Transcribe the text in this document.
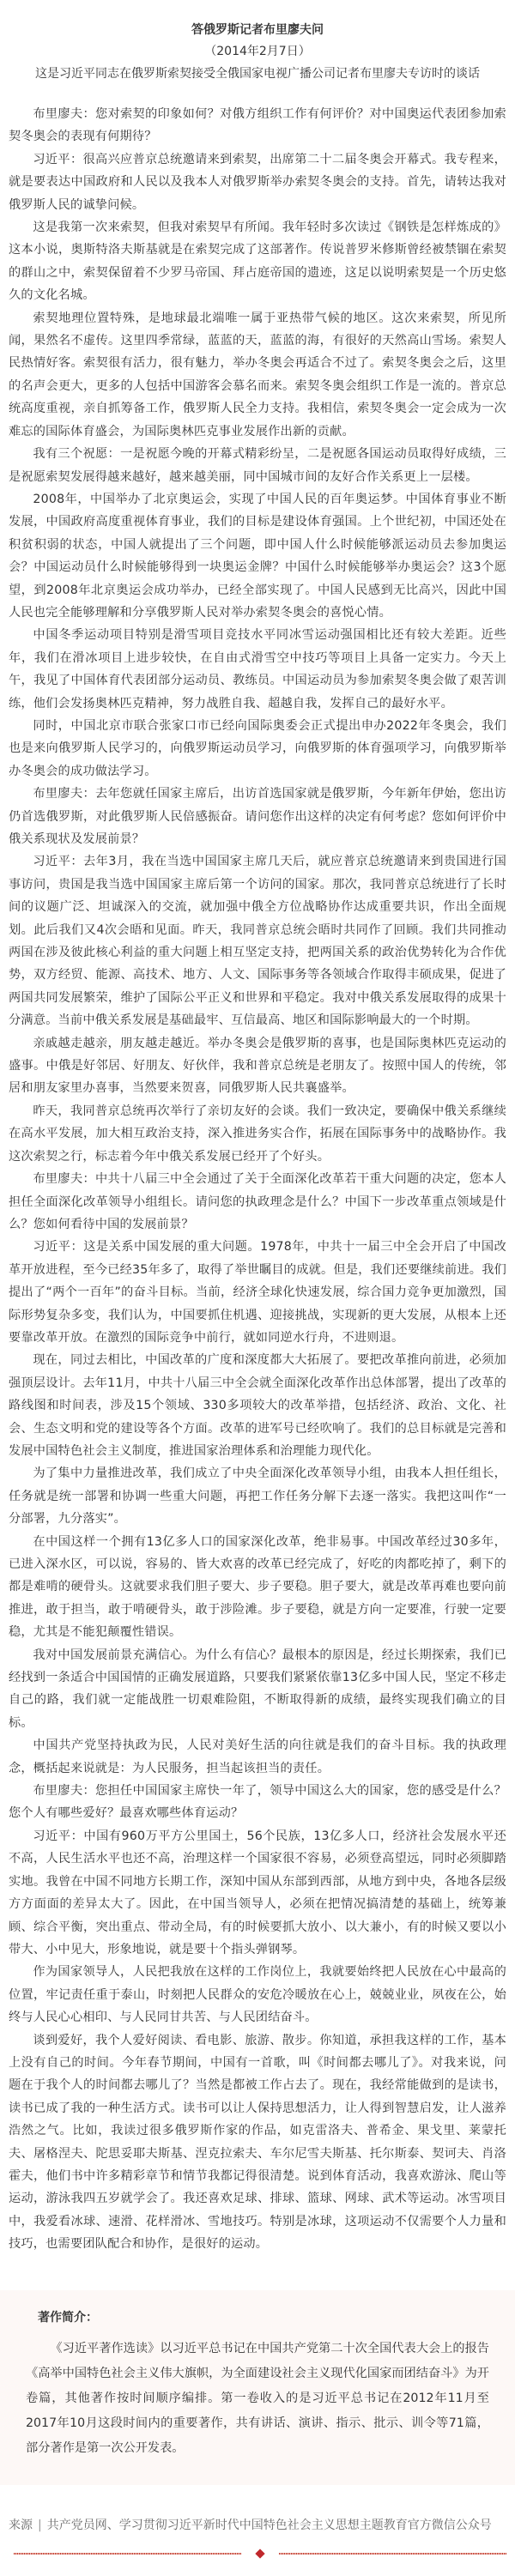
答俄罗斯记者布里廖夫问
（2014年2月7日）
这是习近平同志在俄罗斯索契接受全俄国家电视广播公司记者布里廖夫专访时的谈话

布里廖夫：您对索契的印象如何？对俄方组织工作有何评价？对中国奥运代表团参加索契冬奥会的表现有何期待？

习近平：很高兴应普京总统邀请来到索契，出席第二十二届冬奥会开幕式。我专程来，就是要表达中国政府和人民以及我本人对俄罗斯举办索契冬奥会的支持。首先，请转达我对俄罗斯人民的诚挚问候。

这是我第一次来索契，但我对索契早有所闻。我年轻时多次读过《钢铁是怎样炼成的》这本小说，奥斯特洛夫斯基就是在索契完成了这部著作。传说普罗米修斯曾经被禁锢在索契的群山之中，索契保留着不少罗马帝国、拜占庭帝国的遗迹，这足以说明索契是一个历史悠久的文化名城。

索契地理位置特殊，是地球最北端唯一属于亚热带气候的地区。这次来索契，所见所闻，果然名不虚传。这里四季常绿，蓝蓝的天，蓝蓝的海，有很好的天然高山雪场。索契人民热情好客。索契很有活力，很有魅力，举办冬奥会再适合不过了。索契冬奥会之后，这里的名声会更大，更多的人包括中国游客会慕名而来。索契冬奥会组织工作是一流的。普京总统高度重视，亲自抓筹备工作，俄罗斯人民全力支持。我相信，索契冬奥会一定会成为一次难忘的国际体育盛会，为国际奥林匹克事业发展作出新的贡献。

我有三个祝愿：一是祝愿今晚的开幕式精彩纷呈，二是祝愿各国运动员取得好成绩，三是祝愿索契发展得越来越好，越来越美丽，同中国城市间的友好合作关系更上一层楼。

2008年，中国举办了北京奥运会，实现了中国人民的百年奥运梦。中国体育事业不断发展，中国政府高度重视体育事业，我们的目标是建设体育强国。上个世纪初，中国还处在积贫积弱的状态，中国人就提出了三个问题，即中国人什么时候能够派运动员去参加奥运会？中国运动员什么时候能够得到一块奥运金牌？中国什么时候能够举办奥运会？这3个愿望，到2008年北京奥运会成功举办，已经全部实现了。中国人民感到无比高兴，因此中国人民也完全能够理解和分享俄罗斯人民对举办索契冬奥会的喜悦心情。

中国冬季运动项目特别是滑雪项目竞技水平同冰雪运动强国相比还有较大差距。近些年，我们在滑冰项目上进步较快，在自由式滑雪空中技巧等项目上具备一定实力。今天上午，我见了中国体育代表团部分运动员、教练员。中国运动员为参加索契冬奥会做了艰苦训练，他们会发扬奥林匹克精神，努力战胜自我、超越自我，发挥自己的最好水平。

同时，中国北京市联合张家口市已经向国际奥委会正式提出申办2022年冬奥会，我们也是来向俄罗斯人民学习的，向俄罗斯运动员学习，向俄罗斯的体育强项学习，向俄罗斯举办冬奥会的成功做法学习。

布里廖夫：去年您就任国家主席后，出访首选国家就是俄罗斯，今年新年伊始，您出访仍首选俄罗斯，对此俄罗斯人民倍感振奋。请问您作出这样的决定有何考虑？您如何评价中俄关系现状及发展前景？

习近平：去年3月，我在当选中国国家主席几天后，就应普京总统邀请来到贵国进行国事访问，贵国是我当选中国国家主席后第一个访问的国家。那次，我同普京总统进行了长时间的议题广泛、坦诚深入的交流，就加强中俄全方位战略协作达成重要共识，作出全面规划。此后我们又4次会晤和见面。昨天，我同普京总统会晤时共同作了回顾。我们共同推动两国在涉及彼此核心利益的重大问题上相互坚定支持，把两国关系的政治优势转化为合作优势，双方经贸、能源、高技术、地方、人文、国际事务等各领域合作取得丰硕成果，促进了两国共同发展繁荣，维护了国际公平正义和世界和平稳定。我对中俄关系发展取得的成果十分满意。当前中俄关系发展是基础最牢、互信最高、地区和国际影响最大的一个时期。

亲戚越走越亲，朋友越走越近。举办冬奥会是俄罗斯的喜事，也是国际奥林匹克运动的盛事。中俄是好邻居、好朋友、好伙伴，我和普京总统是老朋友了。按照中国人的传统，邻居和朋友家里办喜事，当然要来贺喜，同俄罗斯人民共襄盛举。

昨天，我同普京总统再次举行了亲切友好的会谈。我们一致决定，要确保中俄关系继续在高水平发展，加大相互政治支持，深入推进务实合作，拓展在国际事务中的战略协作。我这次索契之行，标志着今年中俄关系发展已经开了个好头。

布里廖夫：中共十八届三中全会通过了关于全面深化改革若干重大问题的决定，您本人担任全面深化改革领导小组组长。请问您的执政理念是什么？中国下一步改革重点领域是什么？您如何看待中国的发展前景？

习近平：这是关系中国发展的重大问题。1978年，中共十一届三中全会开启了中国改革开放进程，至今已经35年多了，取得了举世瞩目的成就。但是，我们还要继续前进。我们提出了“两个一百年”的奋斗目标。当前，经济全球化快速发展，综合国力竞争更加激烈，国际形势复杂多变，我们认为，中国要抓住机遇、迎接挑战，实现新的更大发展，从根本上还要靠改革开放。在激烈的国际竞争中前行，就如同逆水行舟，不进则退。

现在，同过去相比，中国改革的广度和深度都大大拓展了。要把改革推向前进，必须加强顶层设计。去年11月，中共十八届三中全会就全面深化改革作出总体部署，提出了改革的路线图和时间表，涉及15个领域、330多项较大的改革举措，包括经济、政治、文化、社会、生态文明和党的建设等各个方面。改革的进军号已经吹响了。我们的总目标就是完善和发展中国特色社会主义制度，推进国家治理体系和治理能力现代化。

为了集中力量推进改革，我们成立了中央全面深化改革领导小组，由我本人担任组长，任务就是统一部署和协调一些重大问题，再把工作任务分解下去逐一落实。我把这叫作“一分部署，九分落实”。

在中国这样一个拥有13亿多人口的国家深化改革，绝非易事。中国改革经过30多年，已进入深水区，可以说，容易的、皆大欢喜的改革已经完成了，好吃的肉都吃掉了，剩下的都是难啃的硬骨头。这就要求我们胆子要大、步子要稳。胆子要大，就是改革再难也要向前推进，敢于担当，敢于啃硬骨头，敢于涉险滩。步子要稳，就是方向一定要准，行驶一定要稳，尤其是不能犯颠覆性错误。

我对中国发展前景充满信心。为什么有信心？最根本的原因是，经过长期探索，我们已经找到一条适合中国国情的正确发展道路，只要我们紧紧依靠13亿多中国人民，坚定不移走自己的路，我们就一定能战胜一切艰难险阻，不断取得新的成绩，最终实现我们确立的目标。

中国共产党坚持执政为民，人民对美好生活的向往就是我们的奋斗目标。我的执政理念，概括起来说就是：为人民服务，担当起该担当的责任。

布里廖夫：您担任中国国家主席快一年了，领导中国这么大的国家，您的感受是什么？您个人有哪些爱好？最喜欢哪些体育运动？

习近平：中国有960万平方公里国土，56个民族，13亿多人口，经济社会发展水平还不高，人民生活水平也还不高，治理这样一个国家很不容易，必须登高望远，同时必须脚踏实地。我曾在中国不同地方长期工作，深知中国从东部到西部，从地方到中央，各地各层级方方面面的差异太大了。因此，在中国当领导人，必须在把情况搞清楚的基础上，统筹兼顾、综合平衡，突出重点、带动全局，有的时候要抓大放小、以大兼小，有的时候又要以小带大、小中见大，形象地说，就是要十个指头弹钢琴。

作为国家领导人，人民把我放在这样的工作岗位上，我就要始终把人民放在心中最高的位置，牢记责任重于泰山，时刻把人民群众的安危冷暖放在心上，兢兢业业，夙夜在公，始终与人民心心相印、与人民同甘共苦、与人民团结奋斗。

谈到爱好，我个人爱好阅读、看电影、旅游、散步。你知道，承担我这样的工作，基本上没有自己的时间。今年春节期间，中国有一首歌，叫《时间都去哪儿了》。对我来说，问题在于我个人的时间都去哪儿了？当然是都被工作占去了。现在，我经常能做到的是读书，读书已成了我的一种生活方式。读书可以让人保持思想活力，让人得到智慧启发，让人滋养浩然之气。比如，我读过很多俄罗斯作家的作品，如克雷洛夫、普希金、果戈里、莱蒙托夫、屠格涅夫、陀思妥耶夫斯基、涅克拉索夫、车尔尼雪夫斯基、托尔斯泰、契诃夫、肖洛霍夫，他们书中许多精彩章节和情节我都记得很清楚。说到体育活动，我喜欢游泳、爬山等运动，游泳我四五岁就学会了。我还喜欢足球、排球、篮球、网球、武术等运动。冰雪项目中，我爱看冰球、速滑、花样滑冰、雪地技巧。特别是冰球，这项运动不仅需要个人力量和技巧，也需要团队配合和协作，是很好的运动。

著作简介：

《习近平著作选读》以习近平总书记在中国共产党第二十次全国代表大会上的报告《高举中国特色社会主义伟大旗帜，为全面建设社会主义现代化国家而团结奋斗》为开卷篇，其他著作按时间顺序编排。第一卷收入的是习近平总书记在2012年11月至2017年10月这段时间内的重要著作，共有讲话、演讲、指示、批示、训令等71篇，部分著作是第一次公开发表。

来源 | 共产党员网、学习贯彻习近平新时代中国特色社会主义思想主题教育官方微信公众号
